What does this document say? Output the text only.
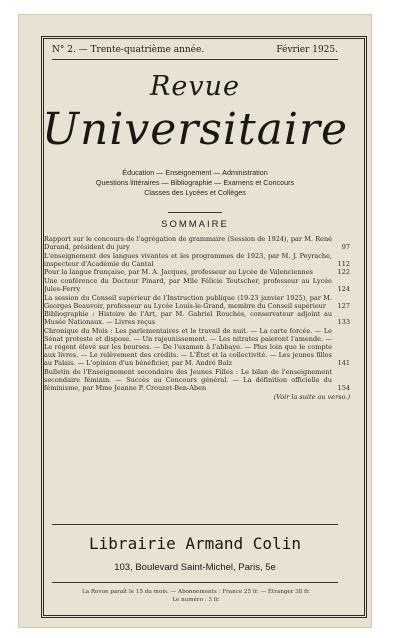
N° 2. — Trente-quatrième année.	Février 1925.
Revue
Universitaire
Éducation — Enseignement — Administration
Questions littéraires — Bibliographie — Examens et Concours
Classes des Lycées et Collèges
SOMMAIRE
Rapport sur le concours de l'agrégation de grammaire (Session de 1924), par M. René Durand, président du jury	97
L'enseignement des langues vivantes et les programmes de 1923, par M. J. Peyrache, inspecteur d'Académie du Cantal	112
Pour la langue française, par M. A. Jacques, professeur au Lycée de Valenciennes	122
Une conférence du Docteur Pinard, par Mlle Félicie Teutscher, professeur au Lycée Jules-Ferry	124
La session du Conseil supérieur de l'Instruction publique (19-23 janvier 1925), par M. Georges Beauvoir, professeur au Lycée Louis-le-Grand, membre du Conseil supérieur	127
Bibliographie : Histoire de l'Art, par M. Gabriel Rouchès, conservateur adjoint au Musée Nationaux. — Livres reçus	133
Chronique du Mois : Les parlementaires et le travail de nuit. — La carte forcée. — Le Sénat proteste et dispose. — Un rajeunissement. — Les nitrates paieront l'amende. — Le régent élevé sur les bourses. — De l'examen à l'abbaye. — Plus loin que le compte aux livres. — Le relèvement des crédits. — L'État et la collectivité. — Les jeunes filles au Palais. — L'opinion d'un bénéficier, par M. André Balz	141
Bulletin de l'Enseignement secondaire des Jeunes Filles : Le bilan de l'enseignement secondaire féminin. — Succès au Concours général. — La définition officielle du féminisme, par Mme Jeanne P. Crouzet-Ben-Aben	154
(Voir la suite au verso.)
Librairie Armand Colin
103, Boulevard Saint-Michel, Paris, 5e
La Revue paraît le 15 du mois. — Abonnements : France 25 fr. — Étranger 38 fr.
Le numéro : 3 fr.
